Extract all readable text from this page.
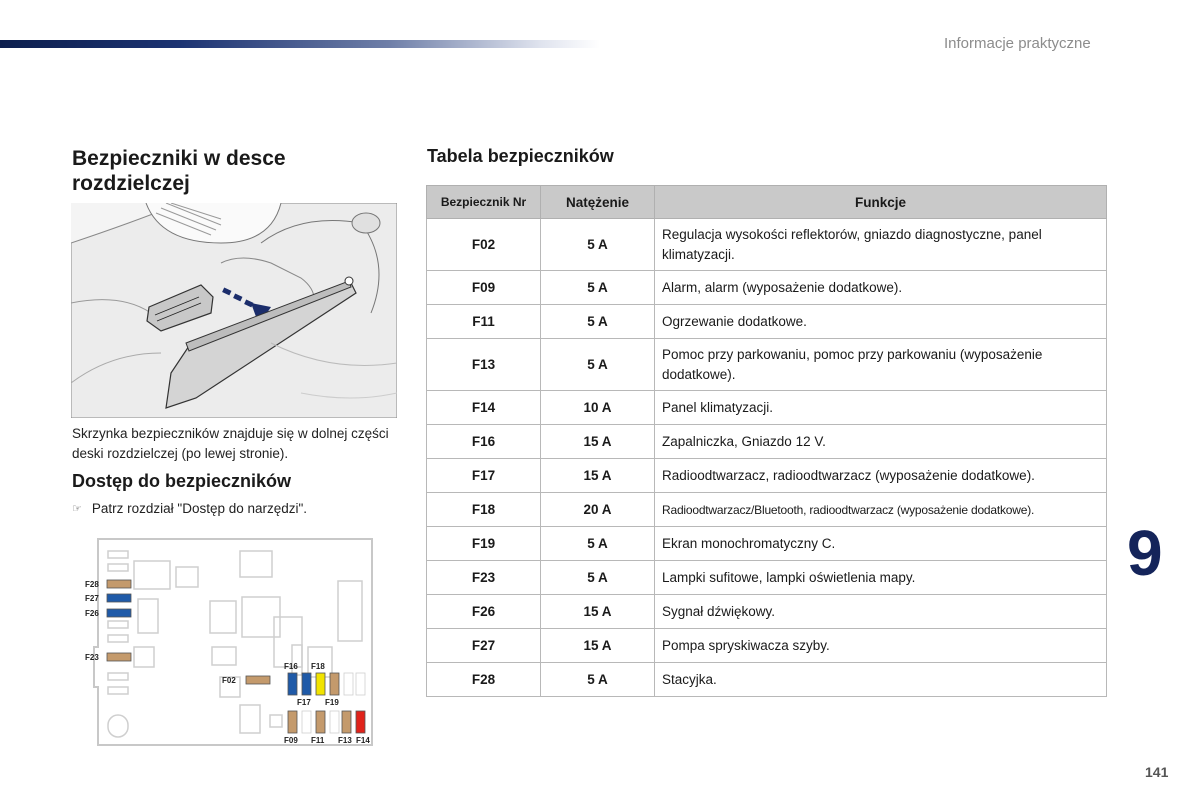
Informacje praktyczne
Bezpieczniki w desce rozdzielczej
Tabela bezpieczników

Skrzynka bezpieczników znajduje się w dolnej części deski rozdzielczej (po lewej stronie).

Dostęp do bezpieczników
☞ Patrz rozdział "Dostęp do narzędzi".
F28
F27
F26
F23
F02
F16 F18
F17 F19
F09 F11 F13 F14
Bezpiecznik Nr	Natężenie	Funkcje
F02	5 A	Regulacja wysokości reflektorów, gniazdo diagnostyczne, panel klimatyzacji.
F09	5 A	Alarm, alarm (wyposażenie dodatkowe).
F11	5 A	Ogrzewanie dodatkowe.
F13	5 A	Pomoc przy parkowaniu, pomoc przy parkowaniu (wyposażenie dodatkowe).
F14	10 A	Panel klimatyzacji.
F16	15 A	Zapalniczka, Gniazdo 12 V.
F17	15 A	Radioodtwarzacz, radioodtwarzacz (wyposażenie dodatkowe).
F18	20 A	Radioodtwarzacz/Bluetooth, radioodtwarzacz (wyposażenie dodatkowe).
F19	5 A	Ekran monochromatyczny C.
F23	5 A	Lampki sufitowe, lampki oświetlenia mapy.
F26	15 A	Sygnał dźwiękowy.
F27	15 A	Pompa spryskiwacza szyby.
F28	5 A	Stacyjka.
9
141
